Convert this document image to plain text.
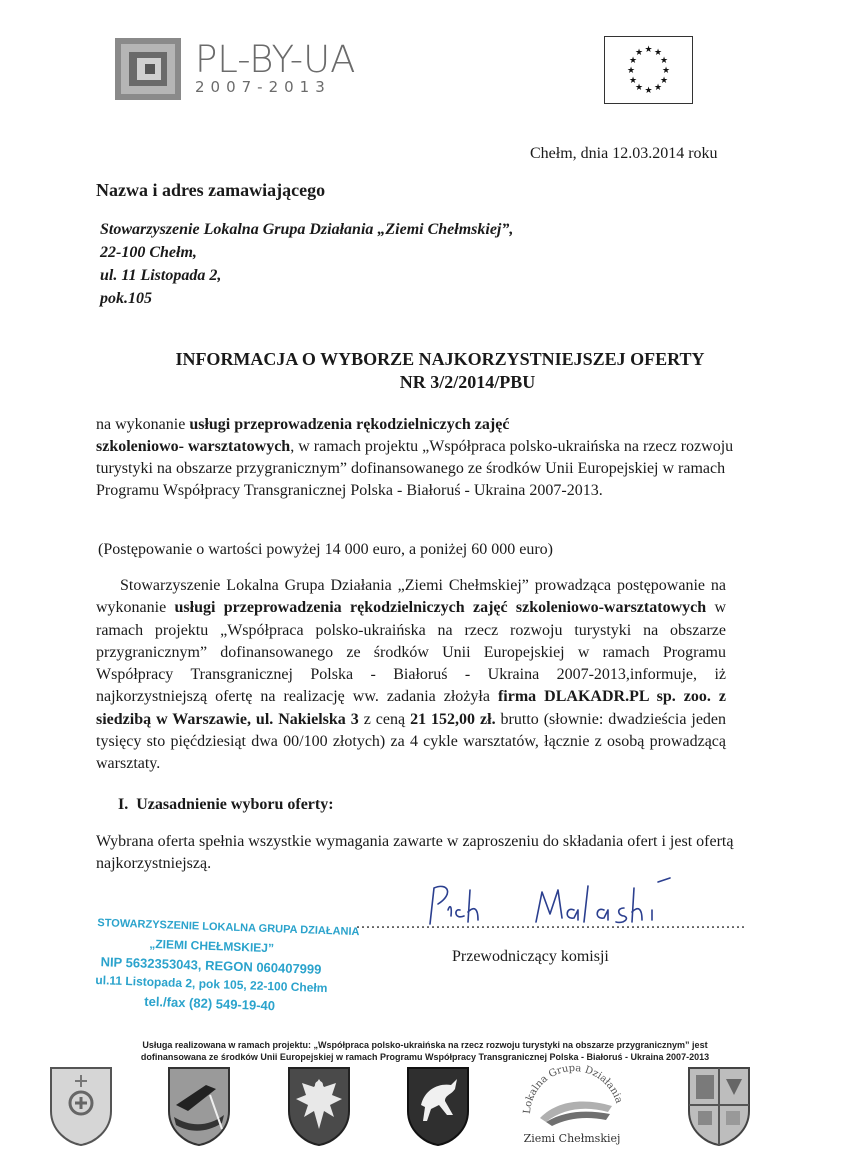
PL-BY-UA
2007-2013
★ ★
★
★
★
★
★
★
★
★
★
★
Chełm, dnia 12.03.2014 roku
Nazwa i adres zamawiającego
Stowarzyszenie Lokalna Grupa Działania „Ziemi Chełmskiej”,
22-100 Chełm,
ul. 11 Listopada 2,
pok.105
INFORMACJA O WYBORZE NAJKORZYSTNIEJSZEJ OFERTY
NR 3/2/2014/PBU

na wykonanie usługi przeprowadzenia rękodzielniczych zajęć
szkoleniowo- warsztatowych, w ramach projektu „Współpraca polsko-ukraińska na rzecz rozwoju turystyki na obszarze przygranicznym” dofinansowanego ze środków Unii Europejskiej w ramach Programu Współpracy Transgranicznej Polska - Białoruś - Ukraina 2007-2013.

(Postępowanie o wartości powyżej 14 000 euro, a poniżej 60 000 euro)

Stowarzyszenie Lokalna Grupa Działania „Ziemi Chełmskiej” prowadząca postępowanie na wykonanie usługi przeprowadzenia rękodzielniczych zajęć szkoleniowo-warsztatowych w ramach projektu „Współpraca polsko-ukraińska na rzecz rozwoju turystyki na obszarze przygranicznym” dofinansowanego ze środków Unii Europejskiej w ramach Programu Współpracy Transgranicznej Polska - Białoruś - Ukraina 2007-2013,informuje, iż najkorzystniejszą ofertę na realizację ww. zadania złożyła firma DLAKADR.PL sp. zoo. z siedzibą w Warszawie, ul. Nakielska 3 z ceną 21 152,00 zł. brutto (słownie: dwadzieścia jeden tysięcy sto pięćdziesiąt dwa 00/100 złotych) za 4 cykle warsztatów, łącznie z osobą prowadzącą warsztaty.

I. Uzasadnienie wyboru oferty:

Wybrana oferta spełnia wszystkie wymagania zawarte w zaproszeniu do składania ofert i jest ofertą najkorzystniejszą.

STOWARZYSZENIE LOKALNA GRUPA DZIAŁANIA
„ZIEMI CHEŁMSKIEJ”
NIP 5632353043, REGON 060407999
ul.11 Listopada 2, pok 105, 22-100 Chełm
tel./fax (82) 549-19-40
..............................................................................
Przewodniczący komisji
Usługa realizowana w ramach projektu: „Współpraca polsko-ukraińska na rzecz rozwoju turystyki na obszarze przygranicznym” jest
dofinansowana ze środków Unii Europejskiej w ramach Programu Współpracy Transgranicznej Polska - Białoruś - Ukraina 2007-2013
Lokalna Grupa Działania
Ziemi Chełmskiej
